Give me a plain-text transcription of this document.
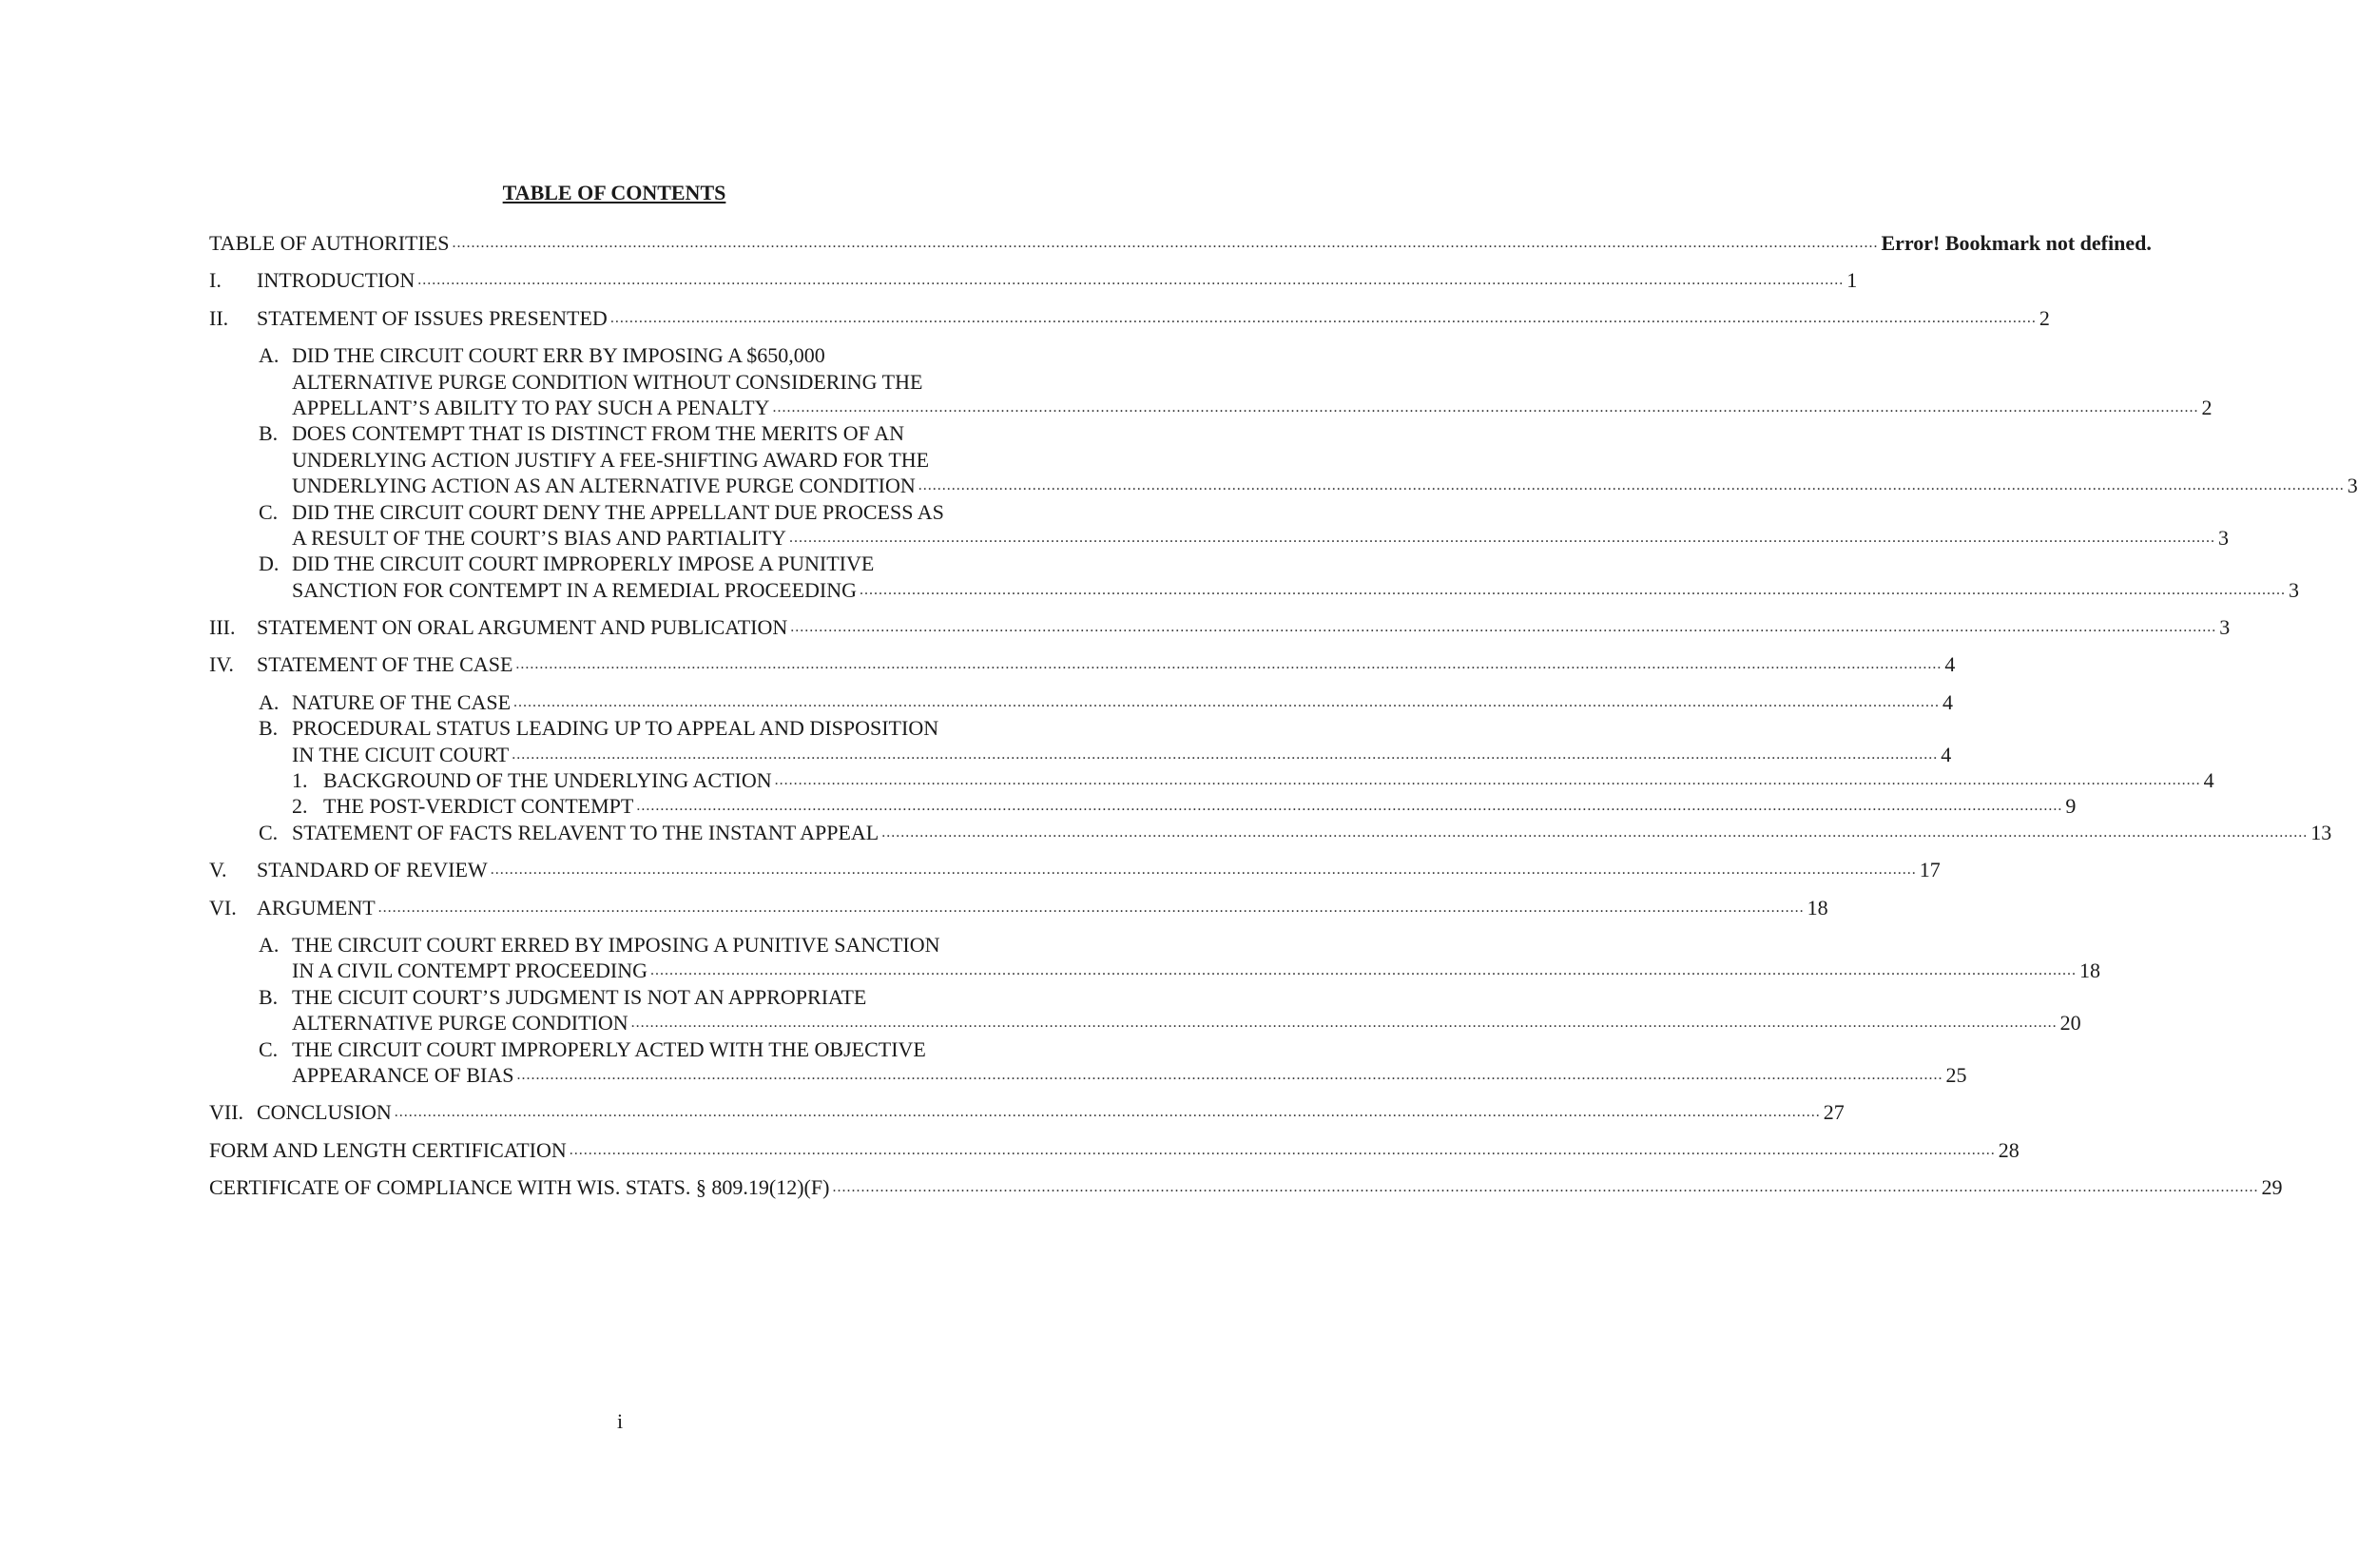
TABLE OF CONTENTS
TABLE OF AUTHORITIES ............................................................................................................................................................................................................................................................................................................ Error! Bookmark not defined.
I.	INTRODUCTION ............................................................................................................................................................................................................................................................................................................ 1
II.	STATEMENT OF ISSUES PRESENTED ............................................................................................................................................................................................................................................................................................................ 2
A. DID THE CIRCUIT COURT ERR BY IMPOSING A $650,000
ALTERNATIVE PURGE CONDITION WITHOUT CONSIDERING THE
APPELLANT’S ABILITY TO PAY SUCH A PENALTY ............................................................................................................................................................................................................................................................................................................ 2
B. DOES CONTEMPT THAT IS DISTINCT FROM THE MERITS OF AN
UNDERLYING ACTION JUSTIFY A FEE-SHIFTING AWARD FOR THE
UNDERLYING ACTION AS AN ALTERNATIVE PURGE CONDITION ............................................................................................................................................................................................................................................................................................................ 3
C. DID THE CIRCUIT COURT DENY THE APPELLANT DUE PROCESS AS
A RESULT OF THE COURT’S BIAS AND PARTIALITY ............................................................................................................................................................................................................................................................................................................ 3
D. DID THE CIRCUIT COURT IMPROPERLY IMPOSE A PUNITIVE
SANCTION FOR CONTEMPT IN A REMEDIAL PROCEEDING ............................................................................................................................................................................................................................................................................................................ 3
III.	STATEMENT ON ORAL ARGUMENT AND PUBLICATION ............................................................................................................................................................................................................................................................................................................ 3
IV.	STATEMENT OF THE CASE ............................................................................................................................................................................................................................................................................................................ 4
A. NATURE OF THE CASE ............................................................................................................................................................................................................................................................................................................ 4
B. PROCEDURAL STATUS LEADING UP TO APPEAL AND DISPOSITION
IN THE CICUIT COURT ............................................................................................................................................................................................................................................................................................................ 4
1. BACKGROUND OF THE UNDERLYING ACTION ............................................................................................................................................................................................................................................................................................................ 4
2. THE POST-VERDICT CONTEMPT ............................................................................................................................................................................................................................................................................................................ 9
C. STATEMENT OF FACTS RELAVENT TO THE INSTANT APPEAL ............................................................................................................................................................................................................................................................................................................ 13
V.	STANDARD OF REVIEW ............................................................................................................................................................................................................................................................................................................ 17
VI. ARGUMENT ............................................................................................................................................................................................................................................................................................................ 18
A. THE CIRCUIT COURT ERRED BY IMPOSING A PUNITIVE SANCTION
IN A CIVIL CONTEMPT PROCEEDING ............................................................................................................................................................................................................................................................................................................ 18
B. THE CICUIT COURT’S JUDGMENT IS NOT AN APPROPRIATE
ALTERNATIVE PURGE CONDITION ............................................................................................................................................................................................................................................................................................................ 20
C. THE CIRCUIT COURT IMPROPERLY ACTED WITH THE OBJECTIVE
APPEARANCE OF BIAS ............................................................................................................................................................................................................................................................................................................ 25
VII. CONCLUSION ............................................................................................................................................................................................................................................................................................................ 27
FORM AND LENGTH CERTIFICATION ............................................................................................................................................................................................................................................................................................................ 28
CERTIFICATE OF COMPLIANCE WITH WIS. STATS. § 809.19(12)(F) ............................................................................................................................................................................................................................................................................................................ 29
i
